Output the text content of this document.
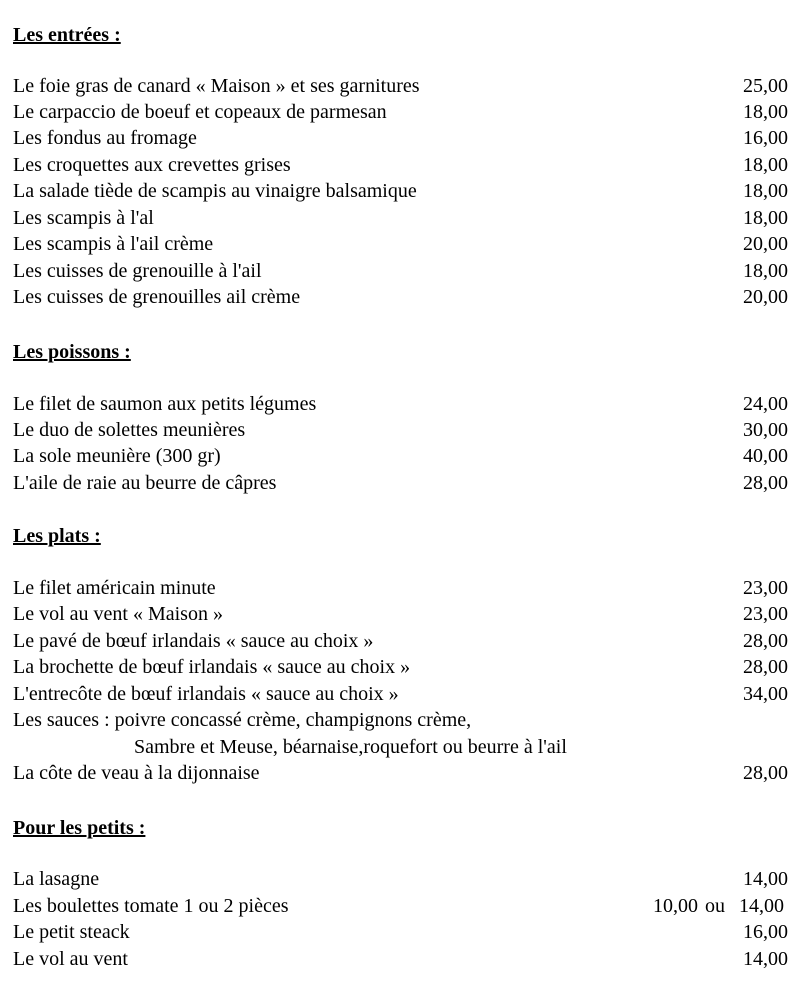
Les entrées :
Le foie gras de canard « Maison » et ses garnitures	25,00
Le carpaccio de boeuf et copeaux de parmesan	18,00
Les fondus au fromage	16,00
Les croquettes aux crevettes grises	18,00
La salade tiède de scampis au vinaigre balsamique	18,00
Les scampis à l'al	18,00
Les scampis à l'ail crème	20,00
Les cuisses de grenouille à l'ail	18,00
Les cuisses de grenouilles ail crème	20,00
Les poissons :
Le filet de saumon aux petits légumes	24,00
Le duo de solettes meunières	30,00
La sole meunière (300 gr)	40,00
L'aile de raie au beurre de câpres	28,00
Les plats :
Le filet américain minute	23,00
Le vol au vent « Maison »	23,00
Le pavé de bœuf irlandais « sauce au choix »	28,00
La brochette de bœuf irlandais « sauce au choix »	28,00
L'entrecôte de bœuf irlandais « sauce au choix »	34,00
Les sauces : poivre concassé crème, champignons crème,
Sambre et Meuse, béarnaise,roquefort ou beurre à l'ail
La côte de veau à la dijonnaise	28,00
Pour les petits :
La lasagne	14,00
Les boulettes tomate 1 ou 2 pièces	10,00 ou  14,00
Le petit steack	16,00
Le vol au vent	14,00
